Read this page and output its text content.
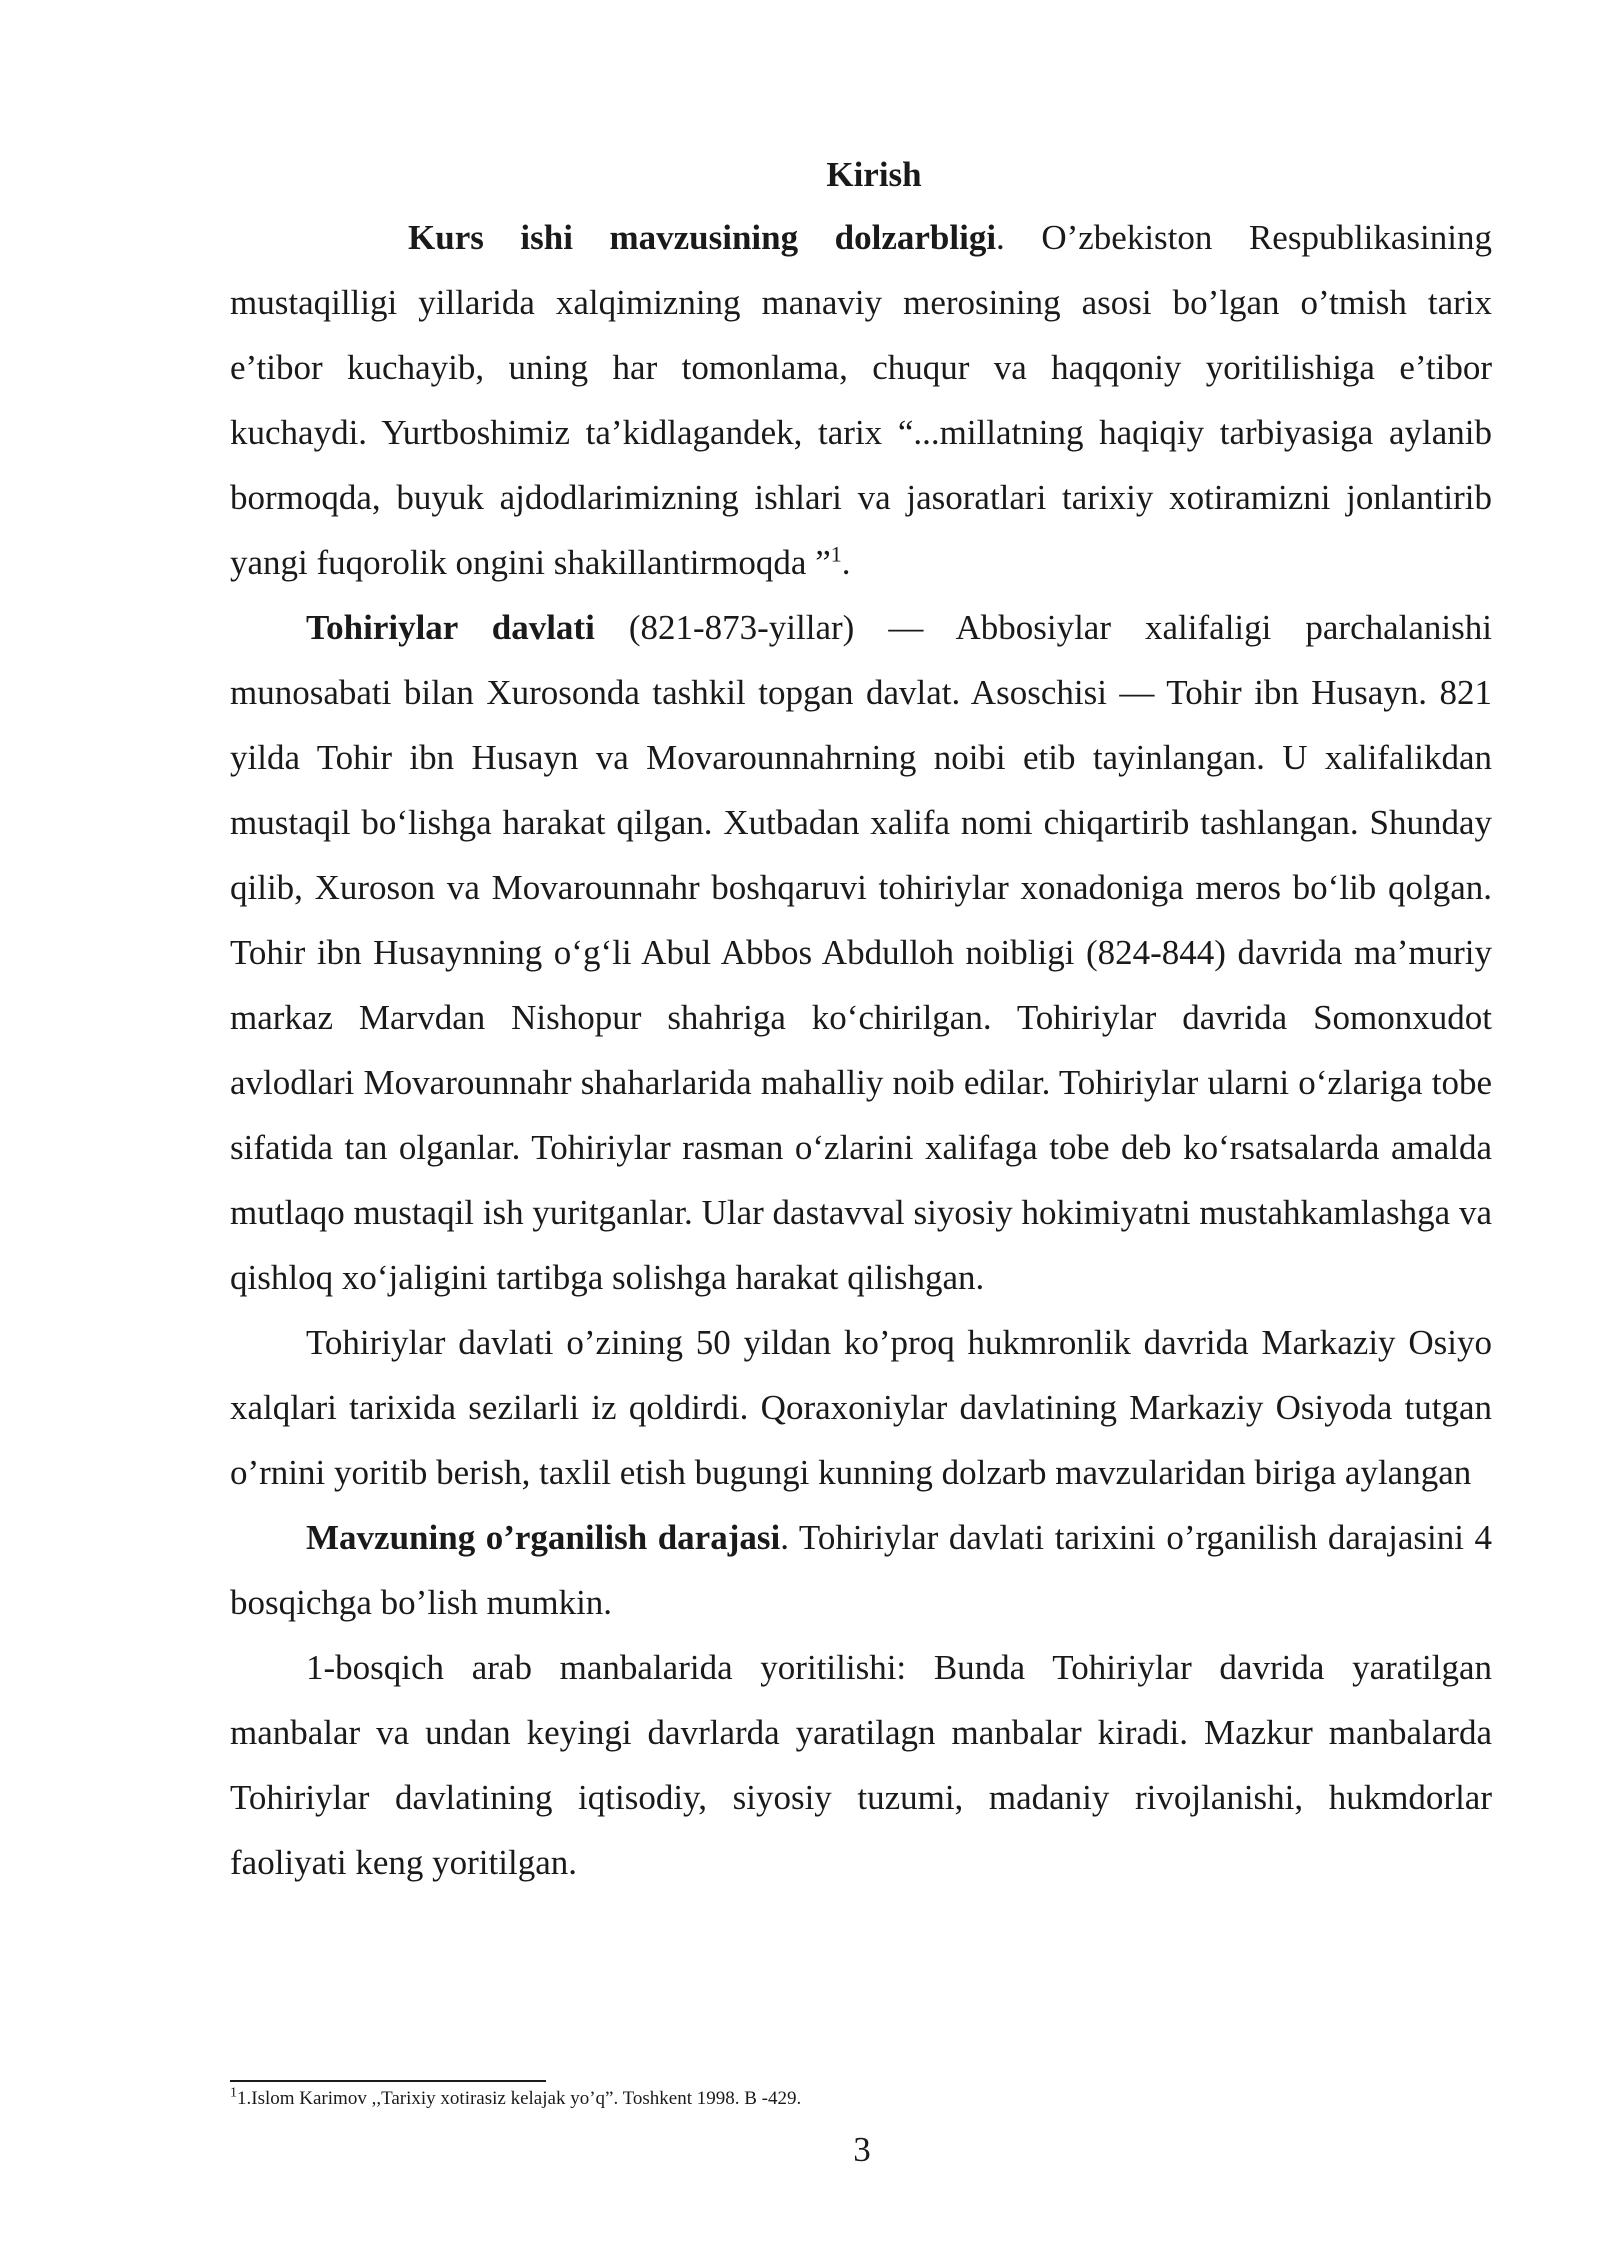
Kirish

Kurs ishi mavzusining dolzarbligi. O’zbekiston Respublikasining mustaqilligi yillarida xalqimizning manaviy merosining asosi bo’lgan o’tmish tarix e’tibor kuchayib, uning har tomonlama, chuqur va haqqoniy yoritilishiga e’tibor kuchaydi. Yurtboshimiz ta’kidlagandek, tarix “...millatning haqiqiy tarbiyasiga aylanib bormoqda, buyuk ajdodlarimizning ishlari va jasoratlari tarixiy xotiramizni jonlantirib yangi fuqorolik ongini shakillantirmoqda ”$^1$.

Tohiriylar davlati (821-873-yillar) — Abbosiylar xalifaligi parchalanishi munosabati bilan Xurosonda tashkil topgan davlat. Asoschisi — Tohir ibn Husayn. 821 yilda Tohir ibn Husayn va Movarounnahrning noibi etib tayinlangan. U xalifalikdan mustaqil boʻlishga harakat qilgan. Xutbadan xalifa nomi chiqartirib tashlangan. Shunday qilib, Xuroson va Movarounnahr boshqaruvi tohiriylar xonadoniga meros boʻlib qolgan. Tohir ibn Husaynning oʻgʻli Abul Abbos Abdulloh noibligi (824-844) davrida maʼmuriy markaz Marvdan Nishopur shahriga koʻchirilgan. Tohiriylar davrida Somonxudot avlodlari Movarounnahr shaharlarida mahalliy noib edilar. Tohiriylar ularni oʻzlariga tobe sifatida tan olganlar. Tohiriylar rasman oʻzlarini xalifaga tobe deb koʻrsatsalarda amalda mutlaqo mustaqil ish yuritganlar. Ular dastavval siyosiy hokimiyatni mustahkamlashga va qishloq xoʻjaligini tartibga solishga harakat qilishgan.

Tohiriylar davlati o’zining 50 yildan ko’proq hukmronlik davrida Markaziy Osiyo xalqlari tarixida sezilarli iz qoldirdi. Qoraxoniylar davlatining Markaziy Osiyoda tutgan o’rnini yoritib berish, taxlil etish bugungi kunning dolzarb mavzularidan biriga aylangan

Mavzuning o’rganilish darajasi. Tohiriylar davlati tarixini o’rganilish darajasini 4 bosqichga bo’lish mumkin.

1-bosqich arab manbalarida yoritilishi: Bunda Tohiriylar davrida yaratilgan manbalar va undan keyingi davrlarda yaratilagn manbalar kiradi. Mazkur manbalarda Tohiriylar davlatining iqtisodiy, siyosiy tuzumi, madaniy rivojlanishi, hukmdorlar faoliyati keng yoritilgan.

$^1$1.Islom Karimov ,,Tarixiy xotirasiz kelajak yo’q”. Toshkent 1998. B -429.
3
